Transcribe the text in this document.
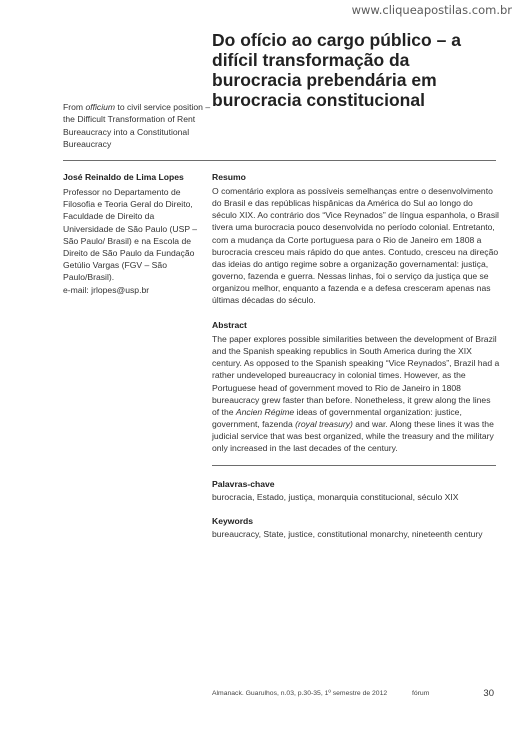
www.cliqueapostilas.com.br
Do ofício ao cargo público – a difícil transformação da burocracia prebendária em burocracia constitucional

From officium to civil service position – the Difficult Transformation of Rent Bureaucracy into a Constitutional Bureaucracy

José Reinaldo de Lima Lopes

Professor no Departamento de Filosofia e Teoria Geral do Direito, Faculdade de Direito da Universidade de São Paulo (USP – São Paulo/ Brasil) e na Escola de Direito de São Paulo da Fundação Getúlio Vargas (FGV – São Paulo/Brasil).
e-mail: jrlopes@usp.br

Resumo

O comentário explora as possíveis semelhanças entre o desenvolvimento do Brasil e das repúblicas hispânicas da América do Sul ao longo do século XIX. Ao contrário dos “Vice Reynados” de língua espanhola, o Brasil tivera uma burocracia pouco desenvolvida no período colonial. Entretanto, com a mudança da Corte portuguesa para o Rio de Janeiro em 1808 a burocracia cresceu mais rápido do que antes. Contudo, cresceu na direção das ideias do antigo regime sobre a organização governamental: justiça, governo, fazenda e guerra. Nessas linhas, foi o serviço da justiça que se organizou melhor, enquanto a fazenda e a defesa cresceram apenas nas últimas décadas do século.

Abstract

The paper explores possible similarities between the development of Brazil and the Spanish speaking republics in South America during the XIX century. As opposed to the Spanish speaking “Vice Reynados”, Brazil had a rather undeveloped bureaucracy in colonial times. However, as the Portuguese head of government moved to Rio de Janeiro in 1808 bureaucracy grew faster than before. Nonetheless, it grew along the lines of the Ancien Régime ideas of governmental organization: justice, government, fazenda (royal treasury) and war. Along these lines it was the judicial service that was best organized, while the treasury and the military only increased in the last decades of the century.

Palavras-chave

burocracia, Estado, justiça, monarquia constitucional, século XIX

Keywords

bureaucracy, State, justice, constitutional monarchy, nineteenth century

Almanack. Guarulhos, n.03, p.30-35, 1º semestre de 2012	fórum	30
